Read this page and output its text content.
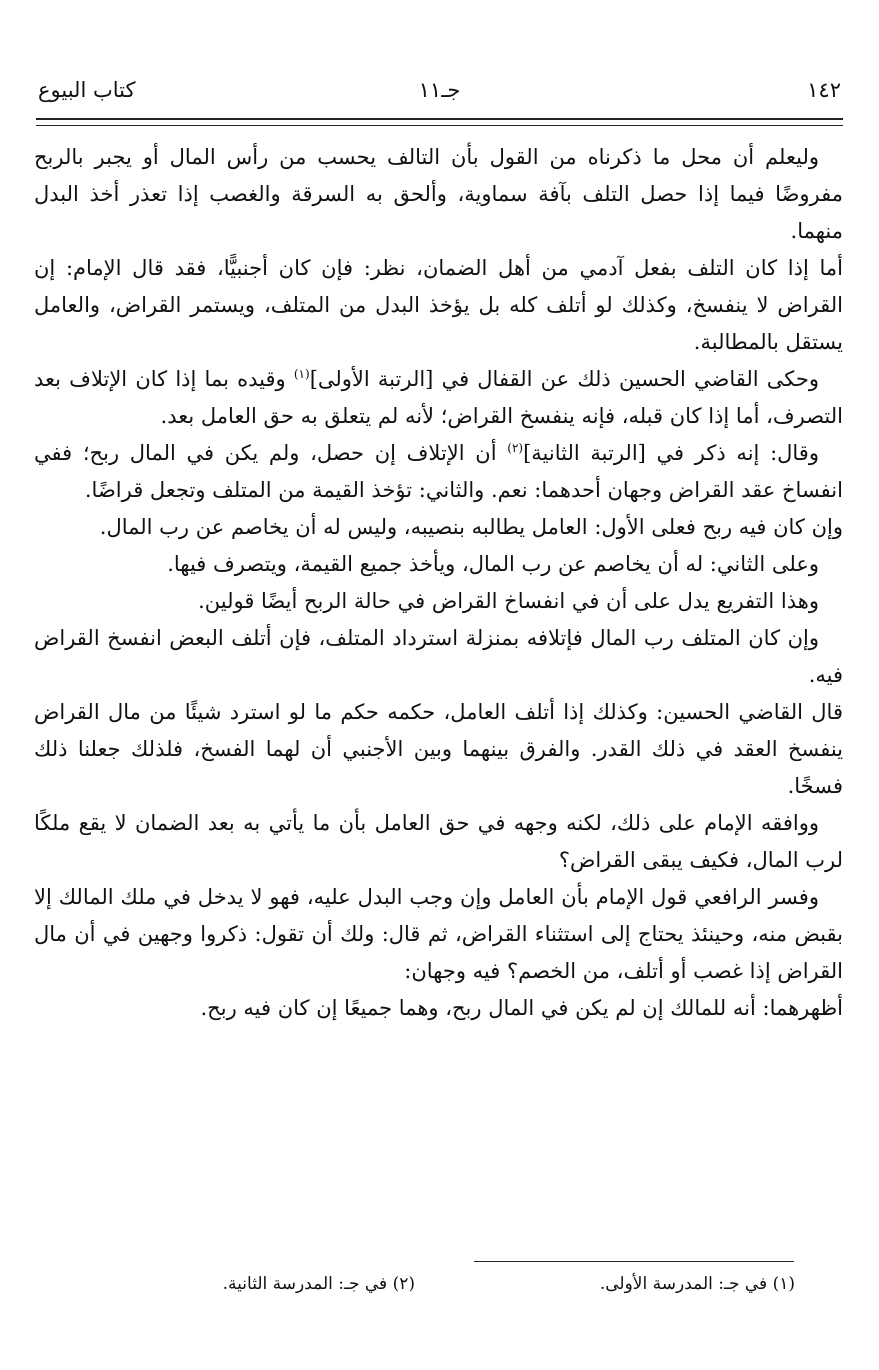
١٤٢
جـ١١
كتاب البيوع

وليعلم أن محل ما ذكرناه من القول بأن التالف يحسب من رأس المال أو يجبر بالربح مفروضًا فيما إذا حصل التلف بآفة سماوية، وألحق به السرقة والغصب إذا تعذر أخذ البدل منهما.

أما إذا كان التلف بفعل آدمي من أهل الضمان، نظر: فإن كان أجنبيًّا، فقد قال الإمام: إن القراض لا ينفسخ، وكذلك لو أتلف كله بل يؤخذ البدل من المتلف، ويستمر القراض، والعامل يستقل بالمطالبة.

وحكى القاضي الحسين ذلك عن القفال في [الرتبة الأولى]$^{(١)}$ وقيده بما إذا كان الإتلاف بعد التصرف، أما إذا كان قبله، فإنه ينفسخ القراض؛ لأنه لم يتعلق به حق العامل بعد.

وقال: إنه ذكر في [الرتبة الثانية]$^{(٢)}$ أن الإتلاف إن حصل، ولم يكن في المال ربح؛ ففي انفساخ عقد القراض وجهان أحدهما: نعم. والثاني: تؤخذ القيمة من المتلف وتجعل قراضًا.

وإن كان فيه ربح فعلى الأول: العامل يطالبه بنصيبه، وليس له أن يخاصم عن رب المال.

وعلى الثاني: له أن يخاصم عن رب المال، ويأخذ جميع القيمة، ويتصرف فيها.

وهذا التفريع يدل على أن في انفساخ القراض في حالة الربح أيضًا قولين.

وإن كان المتلف رب المال فإتلافه بمنزلة استرداد المتلف، فإن أتلف البعض انفسخ القراض فيه.

قال القاضي الحسين: وكذلك إذا أتلف العامل، حكمه حكم ما لو استرد شيئًا من مال القراض ينفسخ العقد في ذلك القدر. والفرق بينهما وبين الأجنبي أن لهما الفسخ، فلذلك جعلنا ذلك فسخًا.

ووافقه الإمام على ذلك، لكنه وجهه في حق العامل بأن ما يأتي به بعد الضمان لا يقع ملكًا لرب المال، فكيف يبقى القراض؟

وفسر الرافعي قول الإمام بأن العامل وإن وجب البدل عليه، فهو لا يدخل في ملك المالك إلا بقبض منه، وحينئذ يحتاج إلى استثناء القراض، ثم قال: ولك أن تقول: ذكروا وجهين في أن مال القراض إذا غصب أو أتلف، من الخصم؟ فيه وجهان:

أظهرهما: أنه للمالك إن لم يكن في المال ربح، وهما جميعًا إن كان فيه ربح.

(١) في جـ: المدرسة الأولى.
(٢) في جـ: المدرسة الثانية.
